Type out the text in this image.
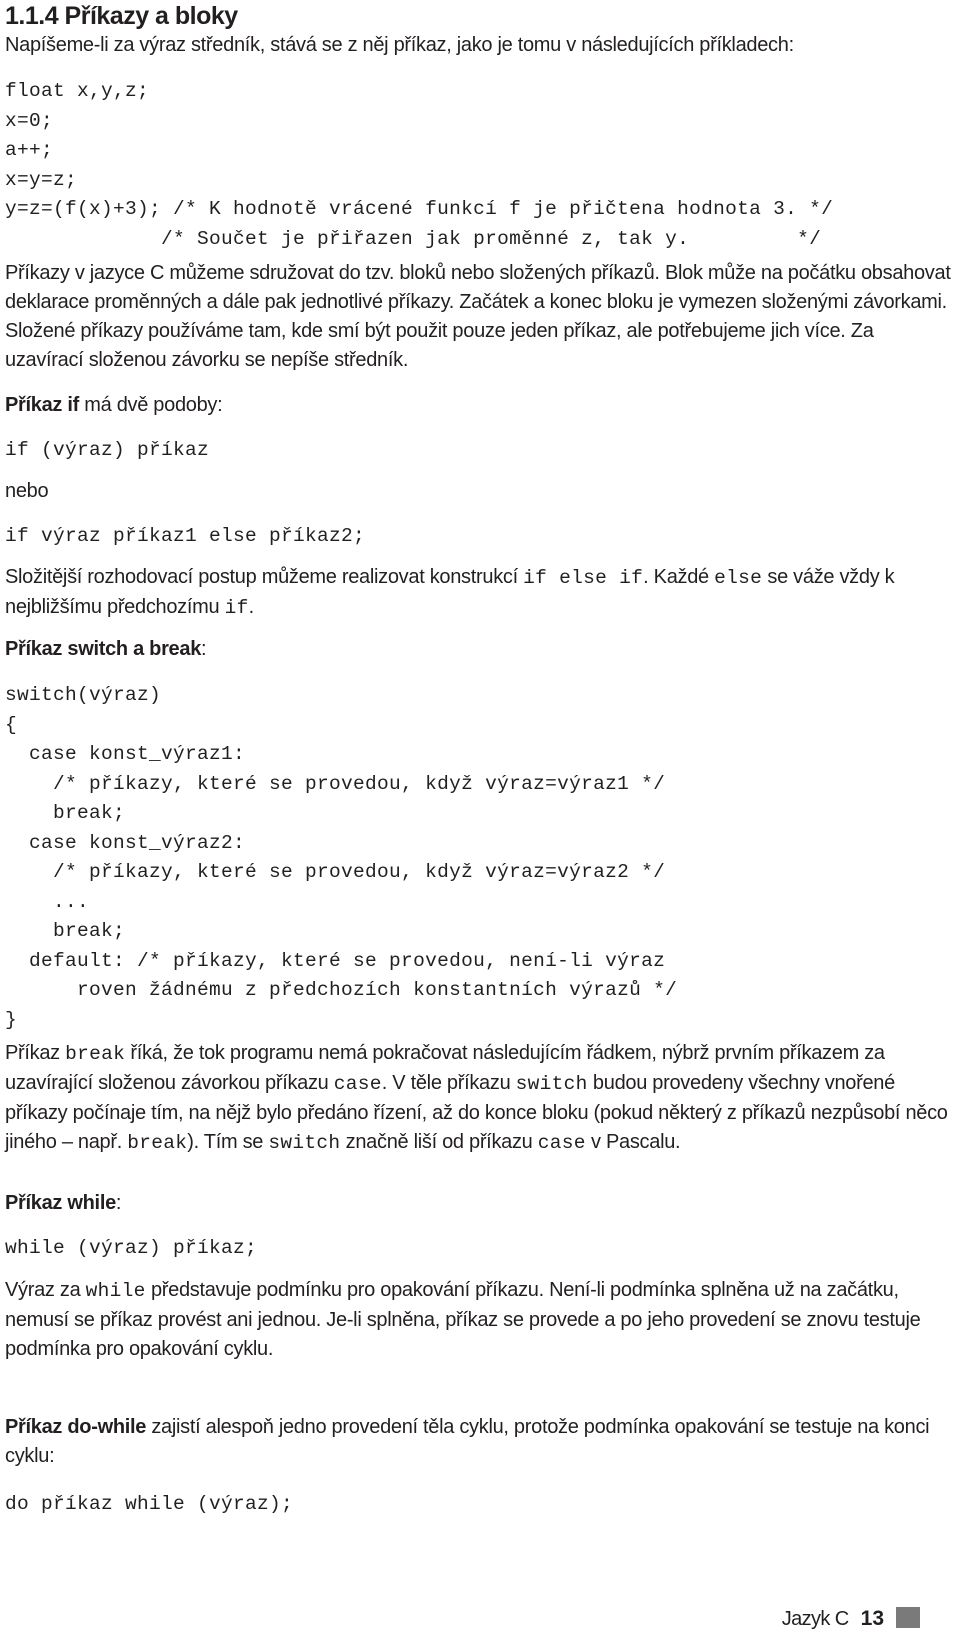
1.1.4 Příkazy a bloky

Napíšeme-li za výraz středník, stává se z něj příkaz, jako je tomu v následujících příkladech:

float x,y,z;
x=0;
a++;
x=y=z;
y=z=(f(x)+3); /* K hodnotě vrácené funkcí f je přičtena hodnota 3. */
/* Součet je přiřazen jak proměnné z, tak y.         */

Příkazy v jazyce C můžeme sdružovat do tzv. bloků nebo složených příkazů. Blok může na počátku obsahovat deklarace proměnných a dále pak jednotlivé příkazy. Začátek a konec bloku je vymezen složenými závorkami. Složené příkazy používáme tam, kde smí být použit pouze jeden příkaz, ale potřebujeme jich více. Za uzavírací složenou závorku se nepíše středník.

Příkaz if má dvě podoby:

if (výraz) příkaz

nebo

if výraz příkaz1 else příkaz2;

Složitější rozhodovací postup můžeme realizovat konstrukcí if else if. Každé else se váže vždy k nejbližšímu předchozímu if.

Příkaz switch a break:

switch(výraz)
{
case konst_výraz1:
/* příkazy, které se provedou, když výraz=výraz1 */
break;
case konst_výraz2:
/* příkazy, které se provedou, když výraz=výraz2 */
...
break;
default: /* příkazy, které se provedou, není-li výraz
roven žádnému z předchozích konstantních výrazů */
}

Příkaz break říká, že tok programu nemá pokračovat následujícím řádkem, nýbrž prvním příkazem za uzavírající složenou závorkou příkazu case. V těle příkazu switch budou provedeny všechny vnořené příkazy počínaje tím, na nějž bylo předáno řízení, až do konce bloku (pokud některý z příkazů nezpůsobí něco jiného – např. break). Tím se switch značně liší od příkazu case v Pascalu.

Příkaz while:

while (výraz) příkaz;

Výraz za while představuje podmínku pro opakování příkazu. Není-li podmínka splněna už na začátku, nemusí se příkaz provést ani jednou. Je-li splněna, příkaz se provede a po jeho provedení se znovu testuje podmínka pro opakování cyklu.

Příkaz do-while zajistí alespoň jedno provedení těla cyklu, protože podmínka opakování se testuje na konci cyklu:

do příkaz while (výraz);
Jazyk C 13
